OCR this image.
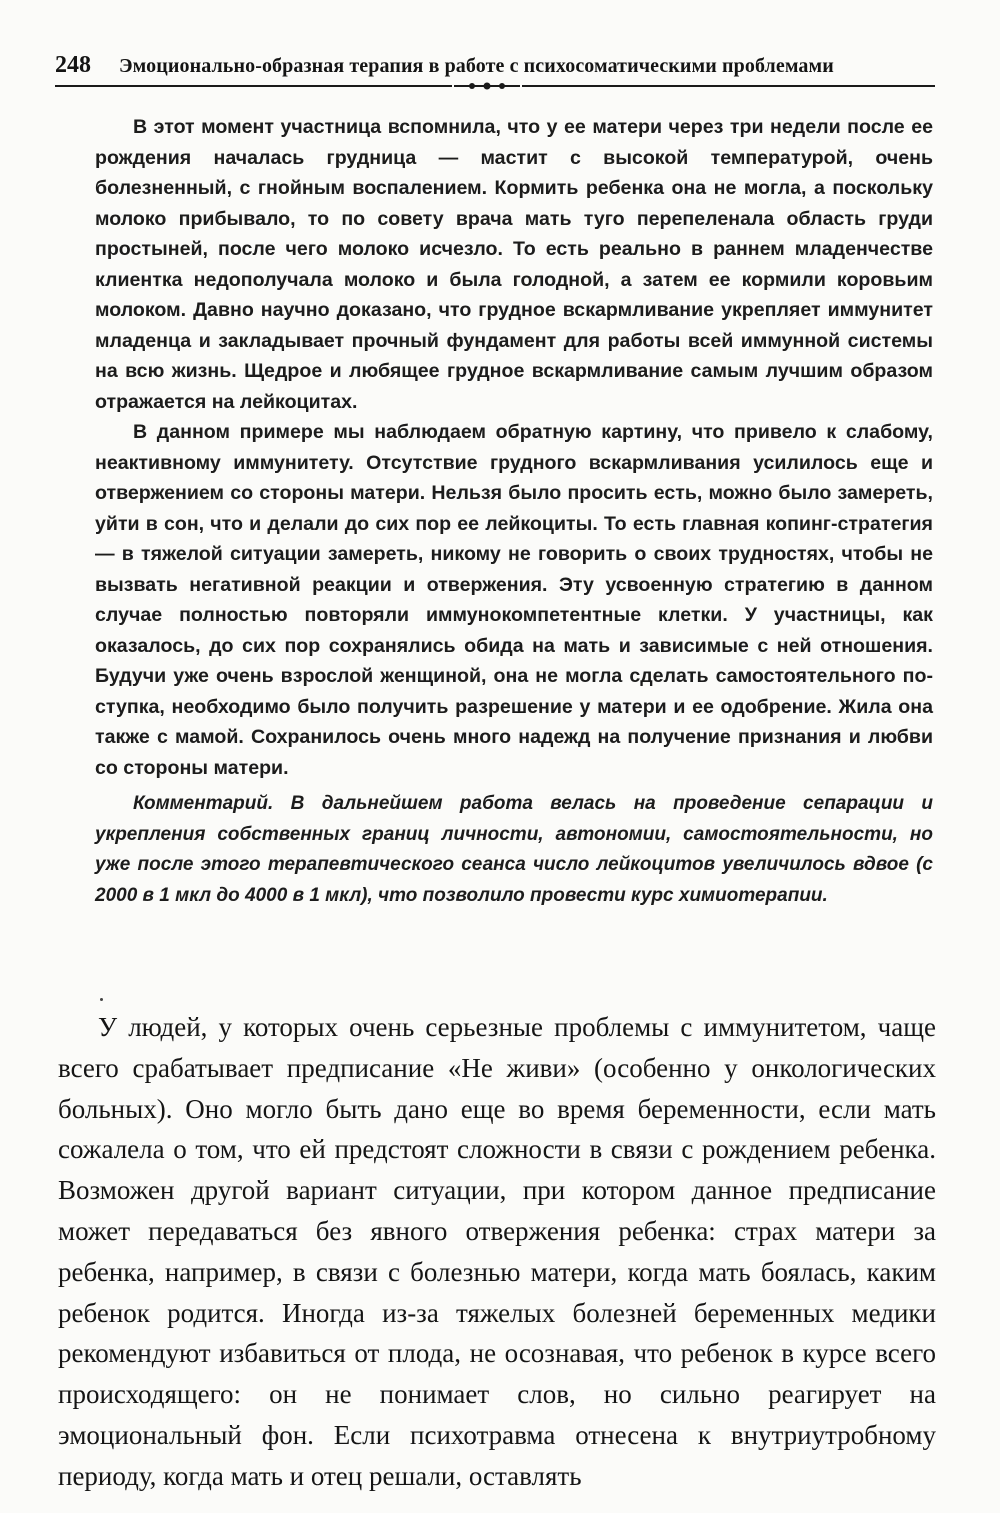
248	Эмоционально-образная терапия в работе с психосоматическими проблемами

В этот момент участница вспомнила, что у ее матери через три недели после ее рождения началась грудница — мастит с высокой температурой, очень болезненный, с гнойным воспалением. Кормить ребенка она не могла, а поскольку молоко прибывало, то по совету врача мать туго перепеленала область груди простыней, после чего молоко исчезло. То есть реально в раннем младенчестве клиентка недополучала молоко и была голодной, а затем ее кормили коровьим молоком. Давно научно доказано, что грудное вскармливание укрепляет иммунитет младенца и закладывает прочный фундамент для работы всей иммунной системы на всю жизнь. Щедрое и любящее грудное вскармливание самым лучшим образом отражается на лейкоцитах.

В данном примере мы наблюдаем обратную картину, что привело к слабому, неактивному иммунитету. Отсутствие грудного вскармливания усилилось еще и отвержением со стороны матери. Нельзя было просить есть, можно было замереть, уйти в сон, что и делали до сих пор ее лейкоциты. То есть главная копинг-стратегия — в тяжелой ситуации замереть, никому не говорить о своих трудностях, чтобы не вызвать негативной реакции и отвержения. Эту усвоенную стратегию в данном случае полностью повторяли иммунокомпетентные клетки. У участницы, как оказалось, до сих пор сохранялись обида на мать и зависимые с ней отношения. Будучи уже очень взрослой женщиной, она не могла сделать самостоятельного поступка, необходимо было получить разрешение у матери и ее одобрение. Жила она также с мамой. Сохранилось очень много надежд на получение признания и любви со стороны матери.

Комментарий. В дальнейшем работа велась на проведение сепарации и укрепления собственных границ личности, автономии, самостоятельности, но уже после этого терапевтического сеанса число лейкоцитов увеличилось вдвое (с 2000 в 1 мкл до 4000 в 1 мкл), что позволило провести курс химиотерапии.

У людей, у которых очень серьезные проблемы с иммунитетом, чаще всего срабатывает предписание «Не живи» (особенно у онкологических больных). Оно могло быть дано еще во время беременности, если мать сожалела о том, что ей предстоят сложности в связи с рождением ребенка. Возможен другой вариант ситуации, при котором данное предписание может передаваться без явного отвержения ребенка: страх матери за ребенка, например, в связи с болезнью матери, когда мать боялась, каким ребенок родится. Иногда из-за тяжелых болезней беременных медики рекомендуют избавиться от плода, не осознавая, что ребенок в курсе всего происходящего: он не понимает слов, но сильно реагирует на эмоциональный фон. Если психотравма отнесена к внутриутробному периоду, когда мать и отец решали, оставлять
